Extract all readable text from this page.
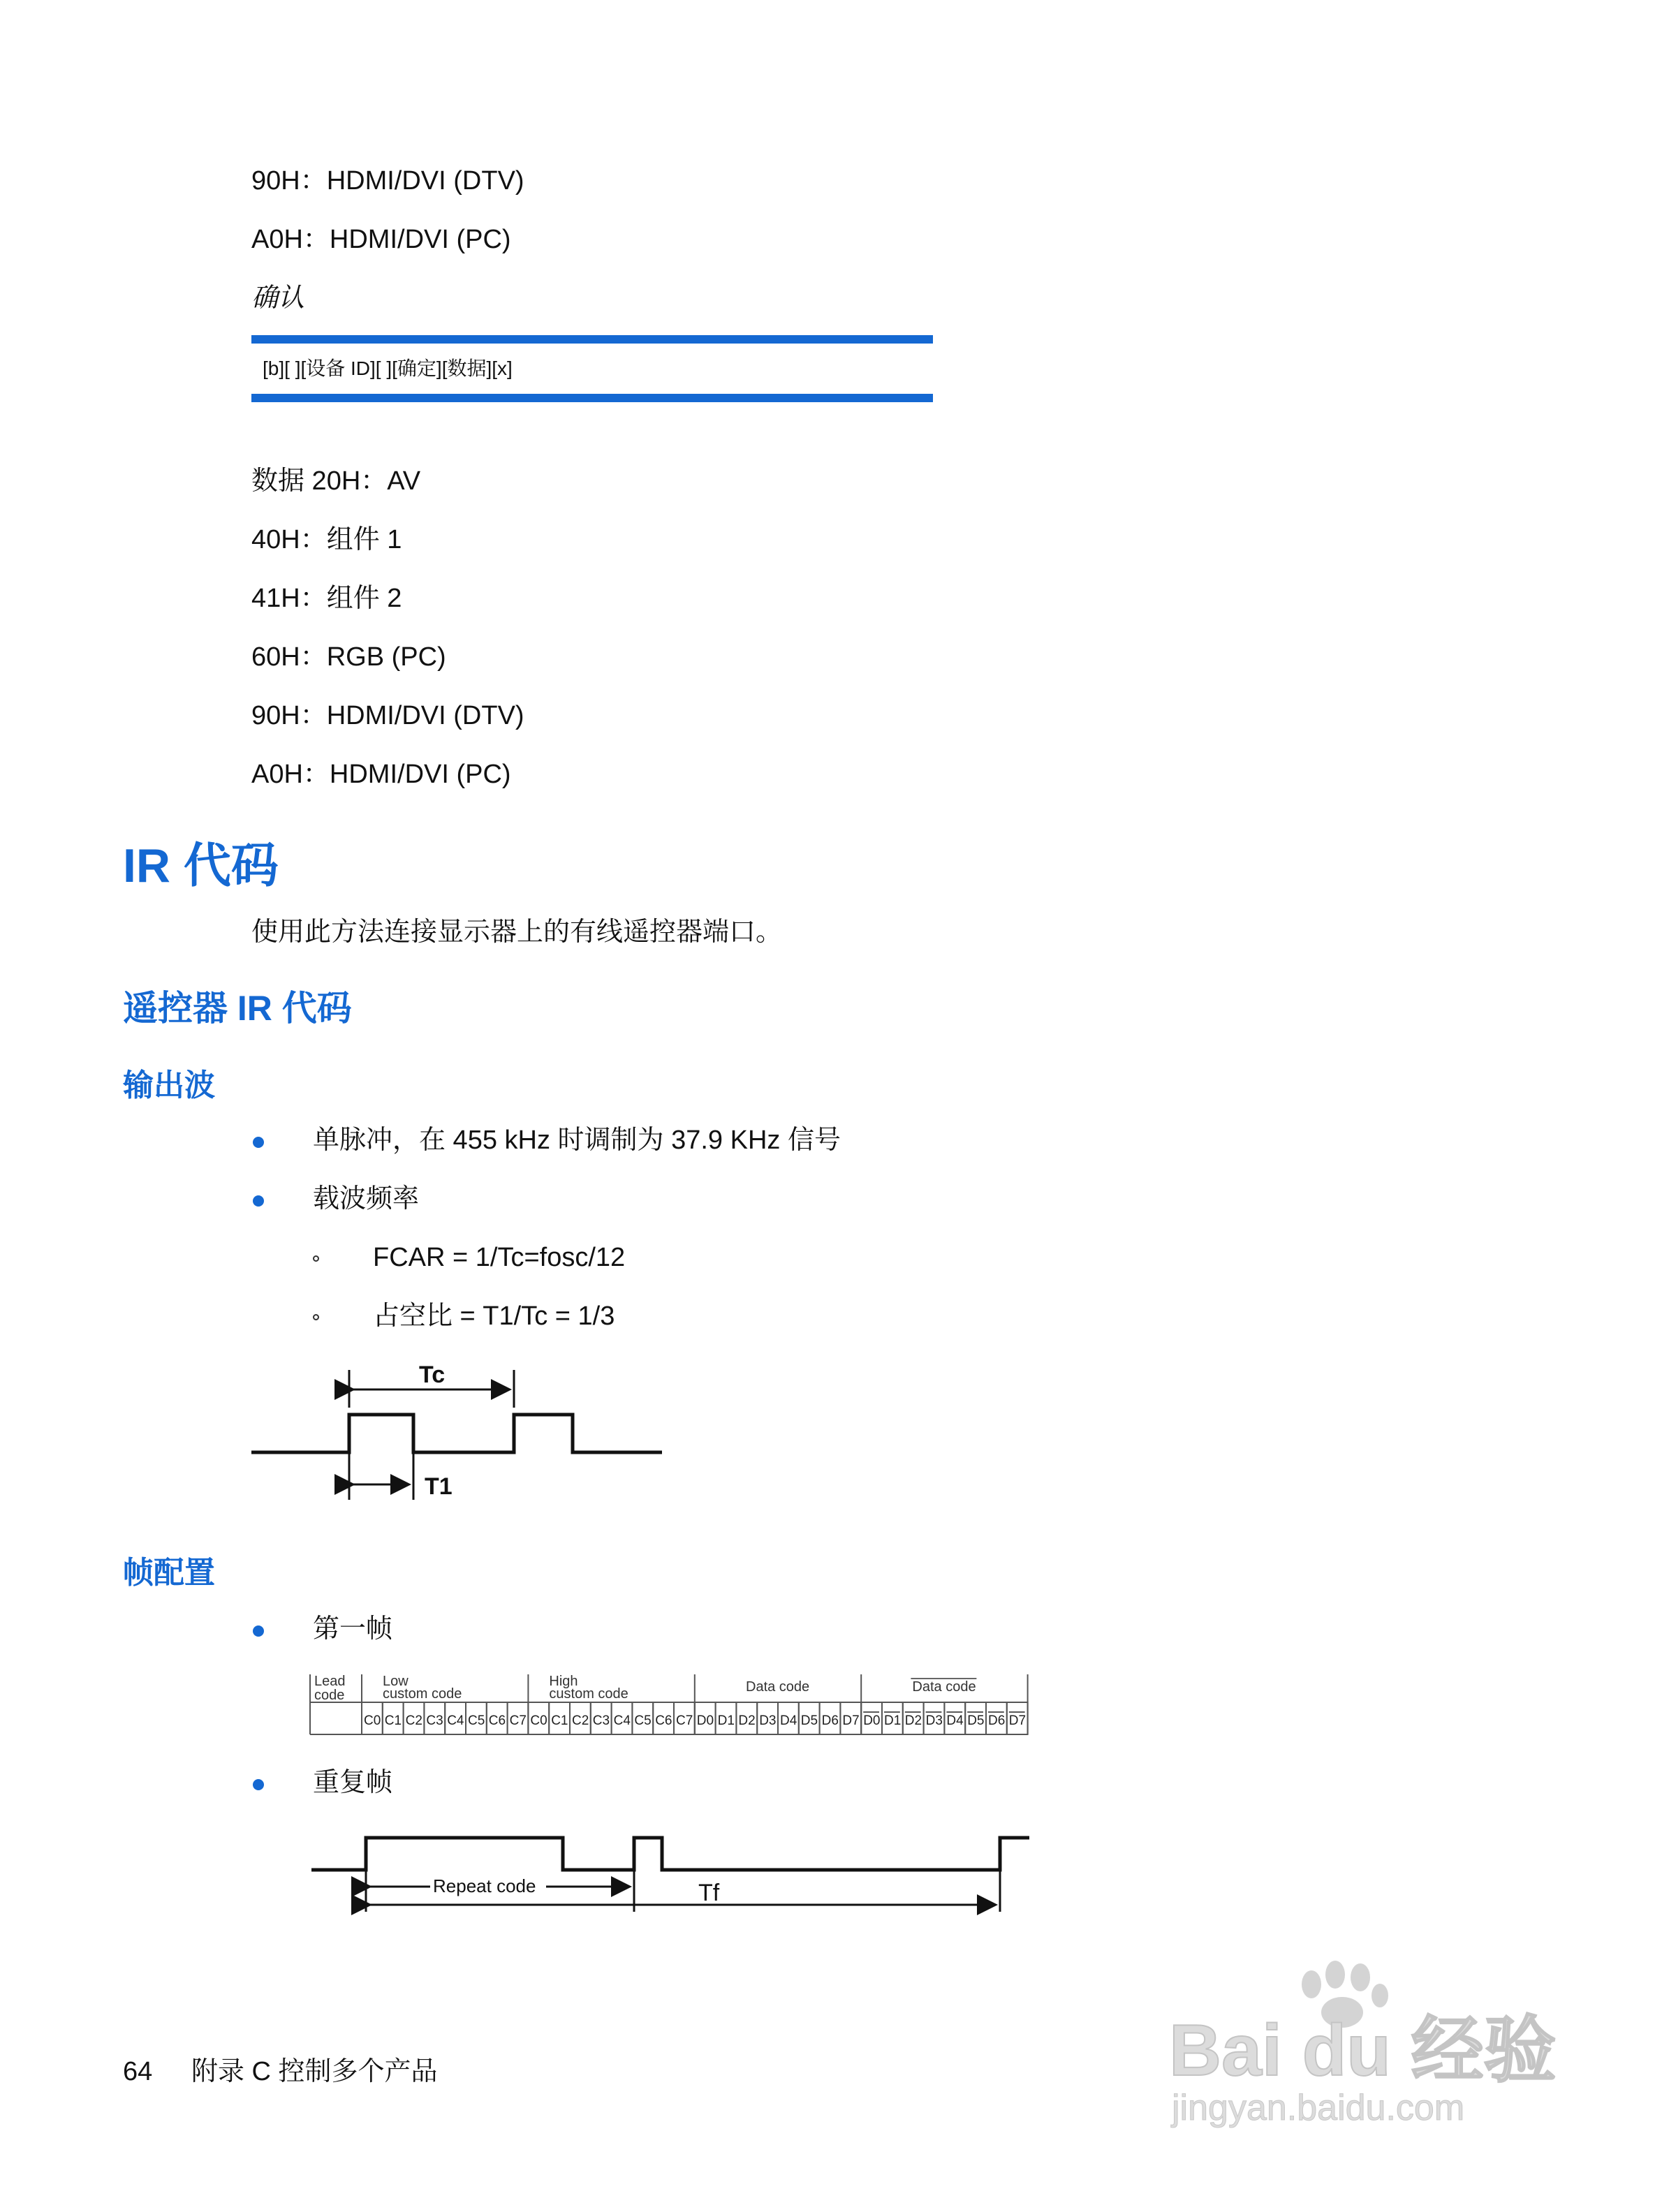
90H：HDMI/DVI (DTV)
A0H：HDMI/DVI (PC)
确认
[b][ ][设备 ID][ ][确定][数据][x]
数据 20H：AV
40H：组件 1
41H：组件 2
60H：RGB (PC)
90H：HDMI/DVI (DTV)
A0H：HDMI/DVI (PC)
IR 代码
使用此方法连接显示器上的有线遥控器端口。
遥控器 IR 代码
输出波
单脉冲，在 455 kHz 时调制为 37.9 KHz 信号
载波频率
FCAR = 1/Tc=fosc/12
占空比 = T1/Tc = 1/3
Tc
T1
帧配置
第一帧
Lead
code
Low
custom code
C0 C1 C2 C3 C4 C5 C6 C7
High
custom code
C0 C1 C2 C3 C4 C5 C6 C7
Data code
D0 D1 D2 D3 D4 D5 D6 D7
Data code
D0 D1 D2 D3 D4 D5 D6 D7
重复帧
Repeat code	Tf
64 附录 C 控制多个产品	Bai du 经验
jingyan.baidu.com
